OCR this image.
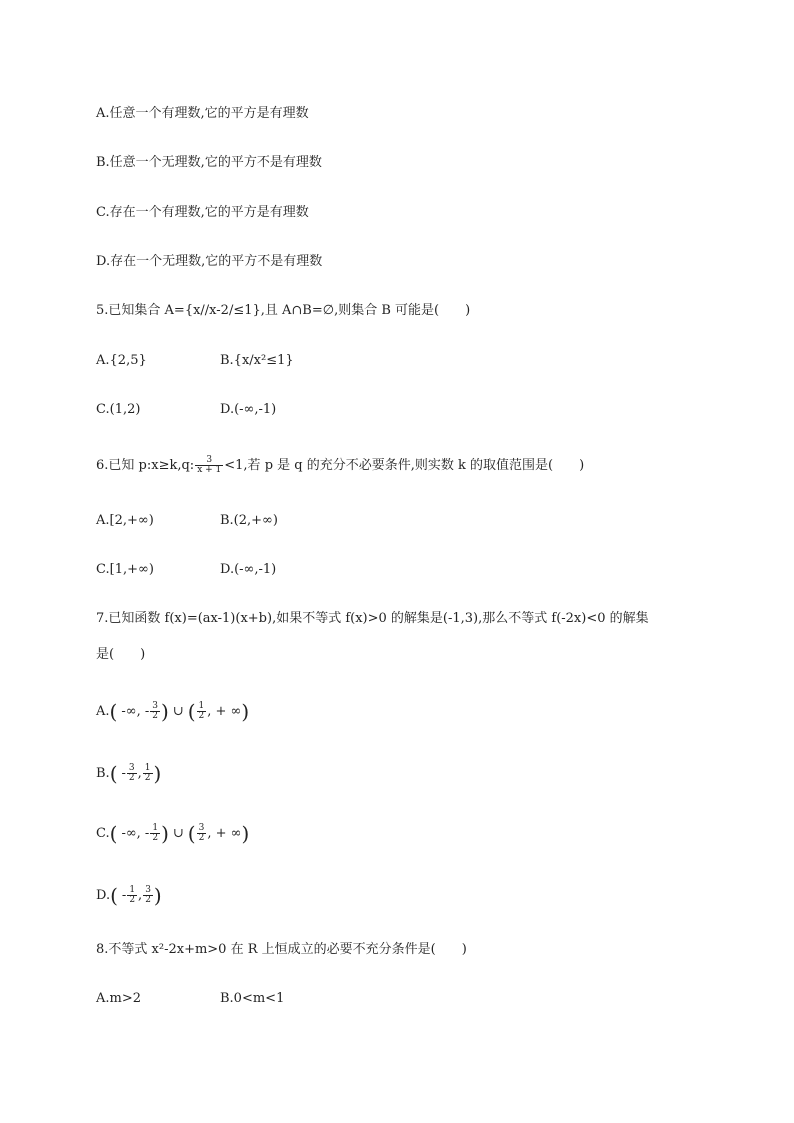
A.任意一个有理数,它的平方是有理数
B.任意一个无理数,它的平方不是有理数
C.存在一个有理数,它的平方是有理数
D.存在一个无理数,它的平方不是有理数
5.已知集合 A={x//x-2/≤1},且 A∩B=∅,则集合 B 可能是( )
A.{2,5}	B.{x/x²≤1}
C.(1,2)	D.(-∞,-1)
6.已知 p:x≥k,q: $\frac{3}{x + 1} <1$,若 p 是 q 的充分不必要条件,则实数 k 的取值范围是( )
A.[2,+∞)	B.(2,+∞)
C.[1,+∞)	D.(-∞,-1)
7.已知函数 f(x)=(ax-1)(x+b),如果不等式 f(x)>0 的解集是(-1,3),那么不等式 f(-2x)<0 的解集
是( )
A.( -∞, - $\frac{3}{2}$ ) ∪ ( $\frac{1}{2}$ , + ∞)
$B.( - \frac{3}{2}$ , $\frac{1}{2}$ )
C.( -∞, - $\frac{1}{2}$ ) ∪ ( $\frac{3}{2}$ , + ∞)
$D.( - \frac{1}{2}$ , $\frac{3}{2}$ )
8.不等式 x²-2x+m>0 在 R 上恒成立的必要不充分条件是( )
A.m>2	B.0<m<1
